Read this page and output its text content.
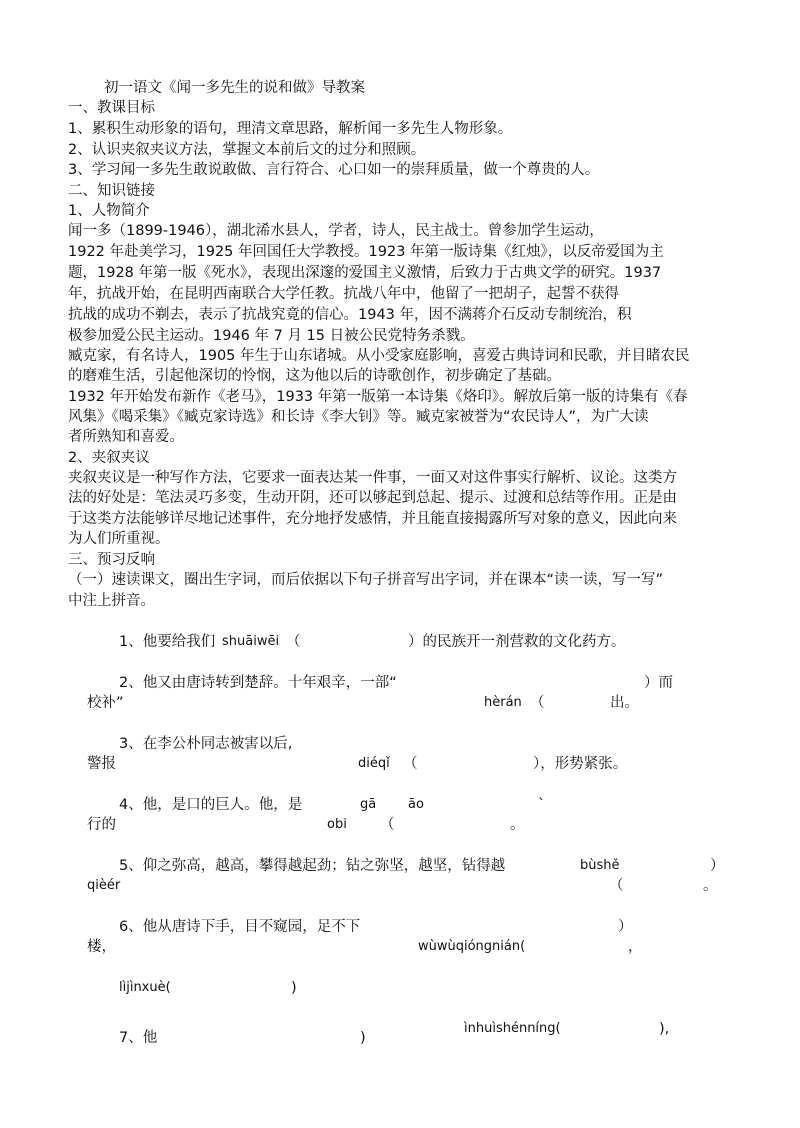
初一语文《闻一多先生的说和做》导教案
一、教课目标
1、累积生动形象的语句，理清文章思路，解析闻一多先生人物形象。
2、认识夹叙夹议方法，掌握文本前后文的过分和照顾。
3、学习闻一多先生敢说敢做、言行符合、心口如一的崇拜质量，做一个尊贵的人。
二、知识链接
1、人物简介
闻一多（1899-1946），湖北浠水县人，学者，诗人，民主战士。曾参加学生运动，
1922 年赴美学习，1925 年回国任大学教授。1923 年第一版诗集《红烛》，以反帝爱国为主
题，1928 年第一版《死水》，表现出深邃的爱国主义激情，后致力于古典文学的研究。1937
年，抗战开始，在昆明西南联合大学任教。抗战八年中，他留了一把胡子，起誓不获得
抗战的成功不剃去，表示了抗战究竟的信心。1943 年，因不满蒋介石反动专制统治，积
极参加爱公民主运动。1946 年 7 月 15 日被公民党特务杀戮。
臧克家，有名诗人，1905 年生于山东诸城。从小受家庭影响，喜爱古典诗词和民歌，并目睹农民
的磨难生活，引起他深切的怜悯，这为他以后的诗歌创作，初步确定了基础。
1932 年开始发布新作《老马》，1933 年第一版第一本诗集《烙印》。解放后第一版的诗集有《春
风集》《喝采集》《臧克家诗选》和长诗《李大钊》等。臧克家被誉为“农民诗人”，为广大读
者所熟知和喜爱。
2、夹叙夹议
夹叙夹议是一种写作方法，它要求一面表达某一件事，一面又对这件事实行解析、议论。这类方
法的好处是：笔法灵巧多变，生动开阴，还可以够起到总起、提示、过渡和总结等作用。正是由
于这类方法能够详尽地记述事件，充分地抒发感情，并且能直接揭露所写对象的意义，因此向来
为人们所重视。
三、预习反响
（一）速读课文，圈出生字词，而后依据以下句子拼音写出字词，并在课本“读一读，写一写”
中注上拼音。
1、他要给我们 shuāiwēi （	）的民族开一剂营救的文化药方。
2、他又由唐诗转到楚辞。十年艰辛，一部“	）而
校补”	hèrán （	出。
3、在李公朴同志被害以后,
警报	diéqǐ （	），形势紧张。
4、他，是口的巨人。他，是	gā āo	ˋ
行的	obi （	。
5、仰之弥高，越高，攀得越起劲；钻之弥坚，越坚，钻得越	bùshě	）
qièér	（	。
6、他从唐诗下手，目不窥园，足不下	）
楼，	wùwùqióngnián(	，
lìjìnxuè(	)
ìnhuìshénníng(	),
7、他	)
